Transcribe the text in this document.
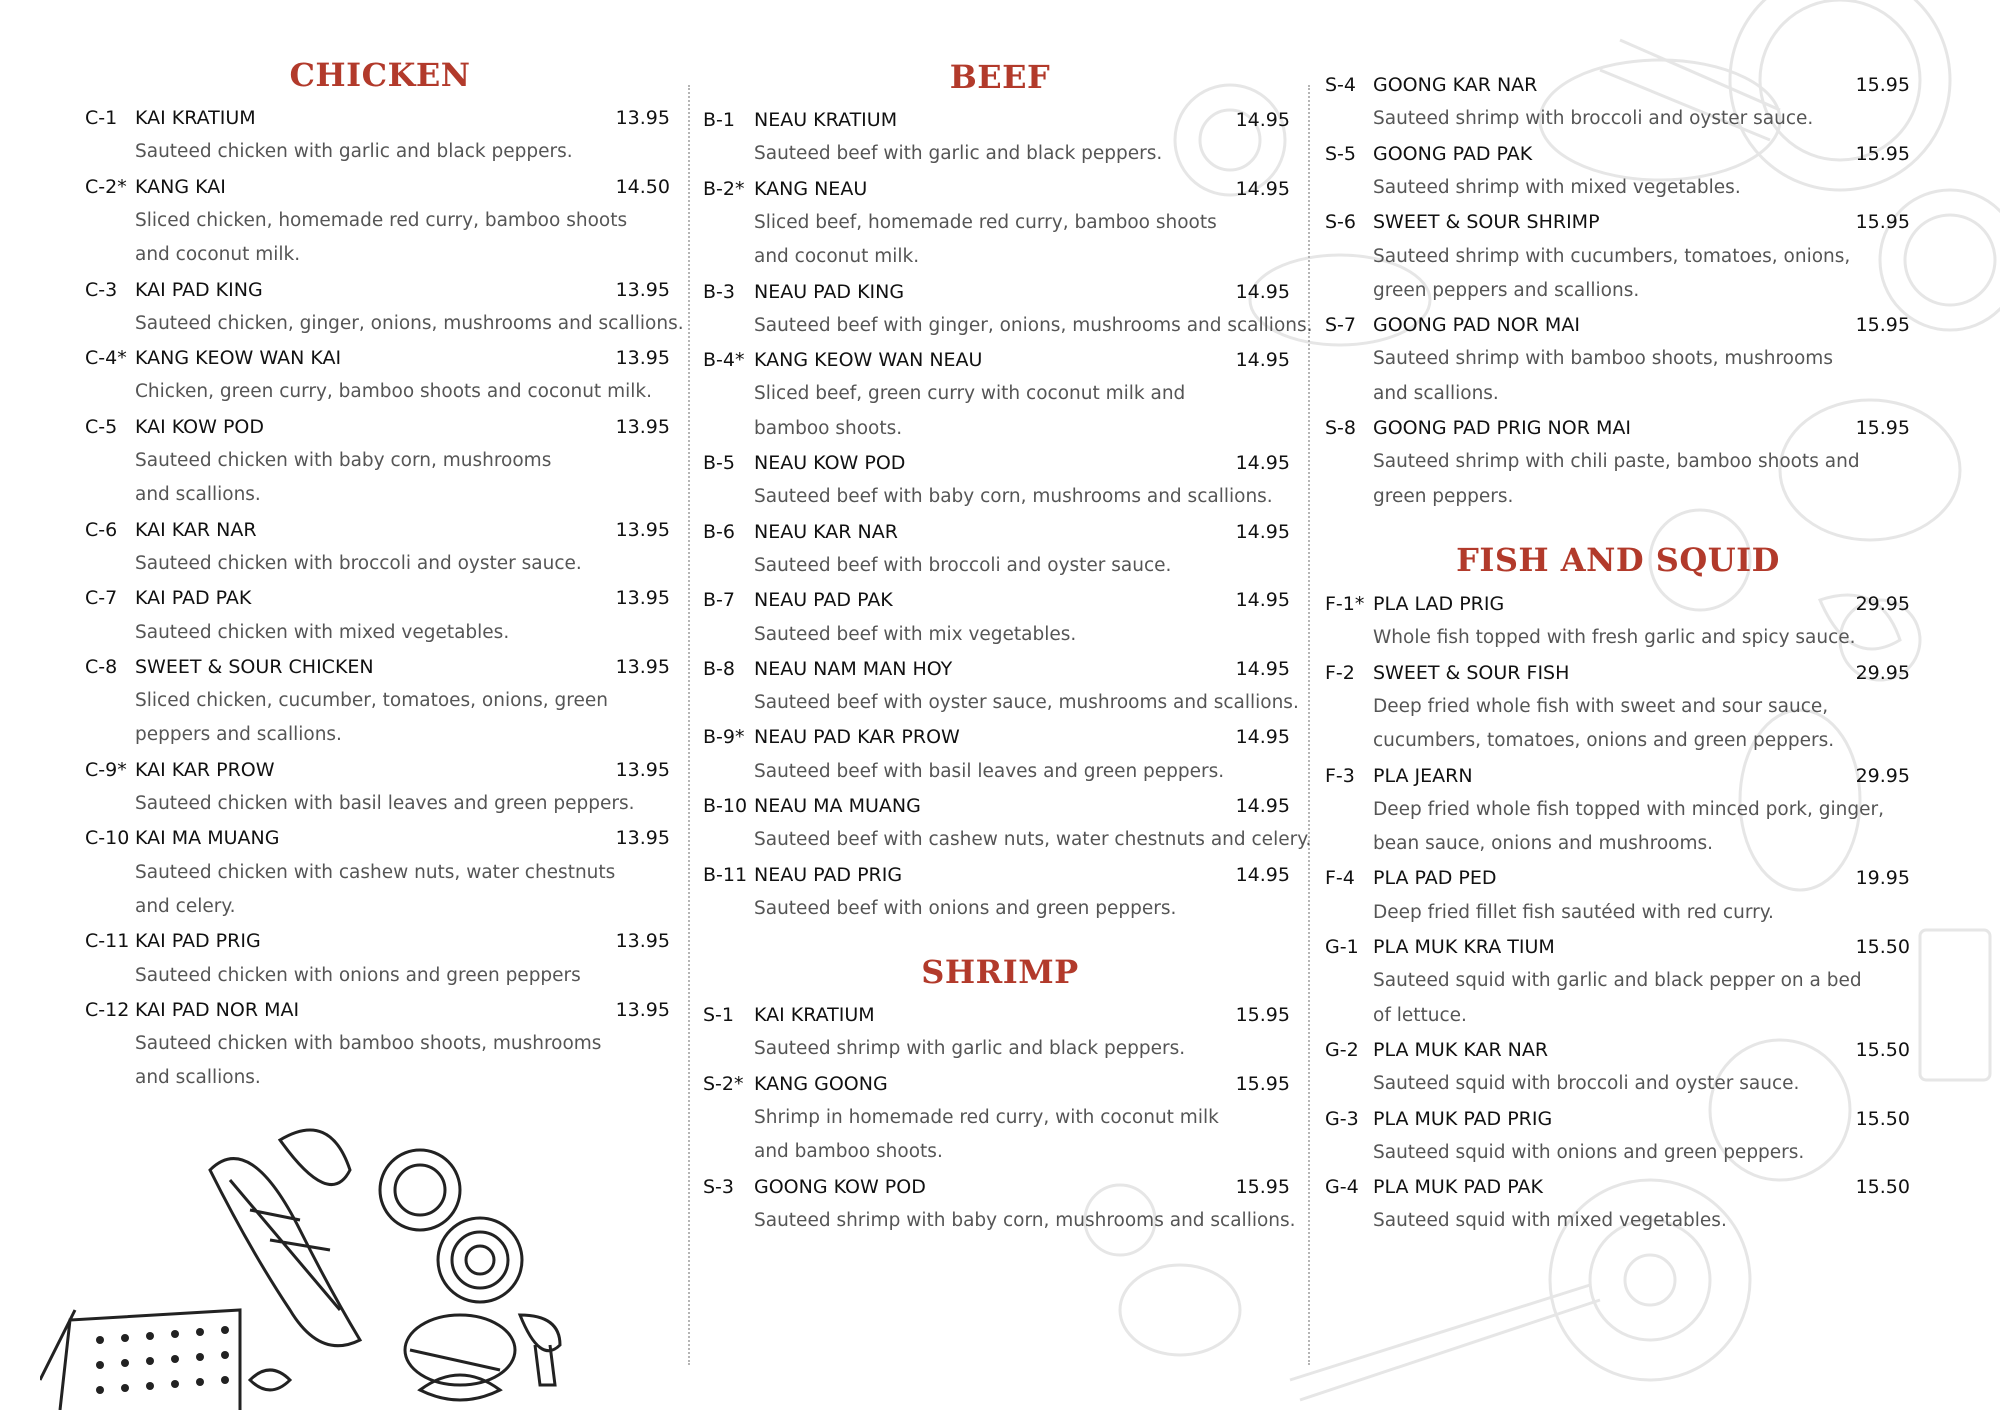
CHICKEN
C-1 KAI KRATIUM	13.95
Sauteed chicken with garlic and black peppers.
C-2* KANG KAI	14.50
Sliced chicken, homemade red curry, bamboo shoots
and coconut milk.
C-3 KAI PAD KING	13.95
Sauteed chicken, ginger, onions, mushrooms and scallions.
C-4* KANG KEOW WAN KAI	13.95
Chicken, green curry, bamboo shoots and coconut milk.
C-5 KAI KOW POD	13.95
Sauteed chicken with baby corn, mushrooms
and scallions.
C-6 KAI KAR NAR	13.95
Sauteed chicken with broccoli and oyster sauce.
C-7 KAI PAD PAK	13.95
Sauteed chicken with mixed vegetables.
C-8 SWEET & SOUR CHICKEN	13.95
Sliced chicken, cucumber, tomatoes, onions, green
peppers and scallions.
C-9* KAI KAR PROW	13.95
Sauteed chicken with basil leaves and green peppers.
C-10 KAI MA MUANG	13.95
Sauteed chicken with cashew nuts, water chestnuts
and celery.
C-11 KAI PAD PRIG	13.95
Sauteed chicken with onions and green peppers
C-12 KAI PAD NOR MAI	13.95
Sauteed chicken with bamboo shoots, mushrooms
and scallions.
BEEF
B-1 NEAU KRATIUM	14.95
Sauteed beef with garlic and black peppers.
B-2* KANG NEAU	14.95
Sliced beef, homemade red curry, bamboo shoots
and coconut milk.
B-3 NEAU PAD KING	14.95
Sauteed beef with ginger, onions, mushrooms and scallions.
B-4* KANG KEOW WAN NEAU	14.95
Sliced beef, green curry with coconut milk and
bamboo shoots.
B-5 NEAU KOW POD	14.95
Sauteed beef with baby corn, mushrooms and scallions.
B-6 NEAU KAR NAR	14.95
Sauteed beef with broccoli and oyster sauce.
B-7 NEAU PAD PAK	14.95
Sauteed beef with mix vegetables.
B-8 NEAU NAM MAN HOY	14.95
Sauteed beef with oyster sauce, mushrooms and scallions.
B-9* NEAU PAD KAR PROW	14.95
Sauteed beef with basil leaves and green peppers.
B-10 NEAU MA MUANG	14.95
Sauteed beef with cashew nuts, water chestnuts and celery.
B-11 NEAU PAD PRIG	14.95
Sauteed beef with onions and green peppers.
SHRIMP
S-1 KAI KRATIUM	15.95
Sauteed shrimp with garlic and black peppers.
S-2* KANG GOONG	15.95
Shrimp in homemade red curry, with coconut milk
and bamboo shoots.
S-3 GOONG KOW POD	15.95
Sauteed shrimp with baby corn, mushrooms and scallions.
S-4 GOONG KAR NAR	15.95
Sauteed shrimp with broccoli and oyster sauce.
S-5 GOONG PAD PAK	15.95
Sauteed shrimp with mixed vegetables.
S-6 SWEET & SOUR SHRIMP	15.95
Sauteed shrimp with cucumbers, tomatoes, onions,
green peppers and scallions.
S-7 GOONG PAD NOR MAI	15.95
Sauteed shrimp with bamboo shoots, mushrooms
and scallions.
S-8 GOONG PAD PRIG NOR MAI	15.95
Sauteed shrimp with chili paste, bamboo shoots and
green peppers.
FISH AND SQUID
F-1* PLA LAD PRIG	29.95
Whole fish topped with fresh garlic and spicy sauce.
F-2 SWEET & SOUR FISH	29.95
Deep fried whole fish with sweet and sour sauce,
cucumbers, tomatoes, onions and green peppers.
F-3 PLA JEARN	29.95
Deep fried whole fish topped with minced pork, ginger,
bean sauce, onions and mushrooms.
F-4 PLA PAD PED	19.95
Deep fried fillet fish sautéed with red curry.
G-1 PLA MUK KRA TIUM	15.50
Sauteed squid with garlic and black pepper on a bed
of lettuce.
G-2 PLA MUK KAR NAR	15.50
Sauteed squid with broccoli and oyster sauce.
G-3 PLA MUK PAD PRIG	15.50
Sauteed squid with onions and green peppers.
G-4 PLA MUK PAD PAK	15.50
Sauteed squid with mixed vegetables.
